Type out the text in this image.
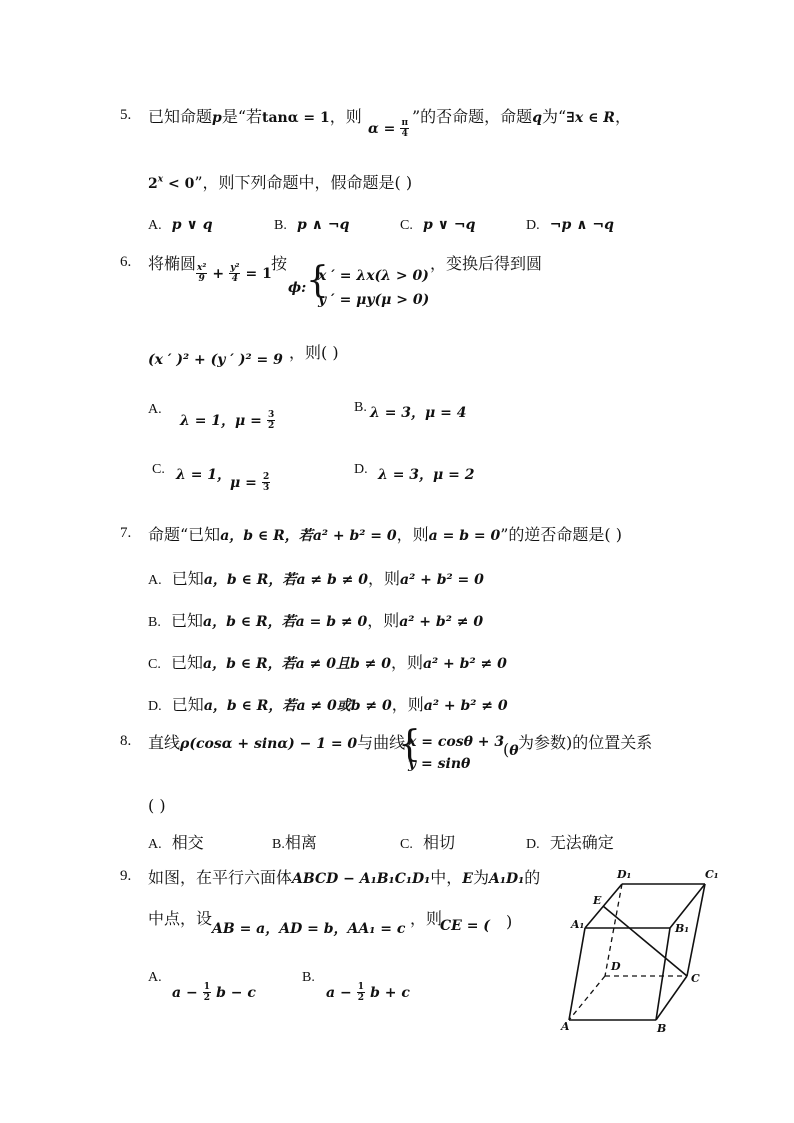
5. 已知命题p是“若tanα = 1，则
$\alpha = \frac{\pi}{4}$
”的否命题，命题q为“∃x ∈ R，
$2^x < 0$”，则下列命题中，假命题是( )
A. p ∨ q	B. p ∧ ¬q	C. p ∨ ¬q	D. ¬p ∧ ¬q
6. 将椭圆 $\frac{\text{x²}}{9} + \frac{\text{y²}}{4} = 1$
按
ϕ: {
x ′ = λx(λ > 0)
y ′ = μy(μ > 0)
，变换后得到圆
(x ′ )² + (y ′ )² = 9 ，则( )
A.
λ = 1，$\mu = \frac{3}{2}$
B. λ = 3，μ = 4
C. λ = 1，
$\mu = \frac{2}{3}$
D. λ = 3，μ = 2
7. 命题“已知a，b ∈ R，若a² + b² = 0，则a = b = 0”的逆否命题是( )
A. 已知a，b ∈ R，若a ≠ b ≠ 0，则a² + b² = 0
B. 已知a，b ∈ R，若a = b ≠ 0，则a² + b² ≠ 0
C. 已知a，b ∈ R，若a ≠ 0且b ≠ 0，则a² + b² ≠ 0
D. 已知a，b ∈ R，若a ≠ 0或b ≠ 0，则a² + b² ≠ 0
8. 直线ρ(cosα + sinα) − 1 = 0与曲线
{
x = cosθ + 3
y = sinθ
(θ 为参数)的位置关系
( )
A. 相交	B.相离	C. 相切	D. 无法确定
9. 如图，在平行六面体ABCD − A₁B₁C₁D₁中，E为A₁D₁的
中点，设
AB = a，AD = b，AA₁ = c
，则
CE = ( )
A.
$a - \frac{1}{2}$ b − c
B.
$a - \frac{1}{2}$ b + c
D₁	C₁
E
A₁	B₁
D
C
A	B
